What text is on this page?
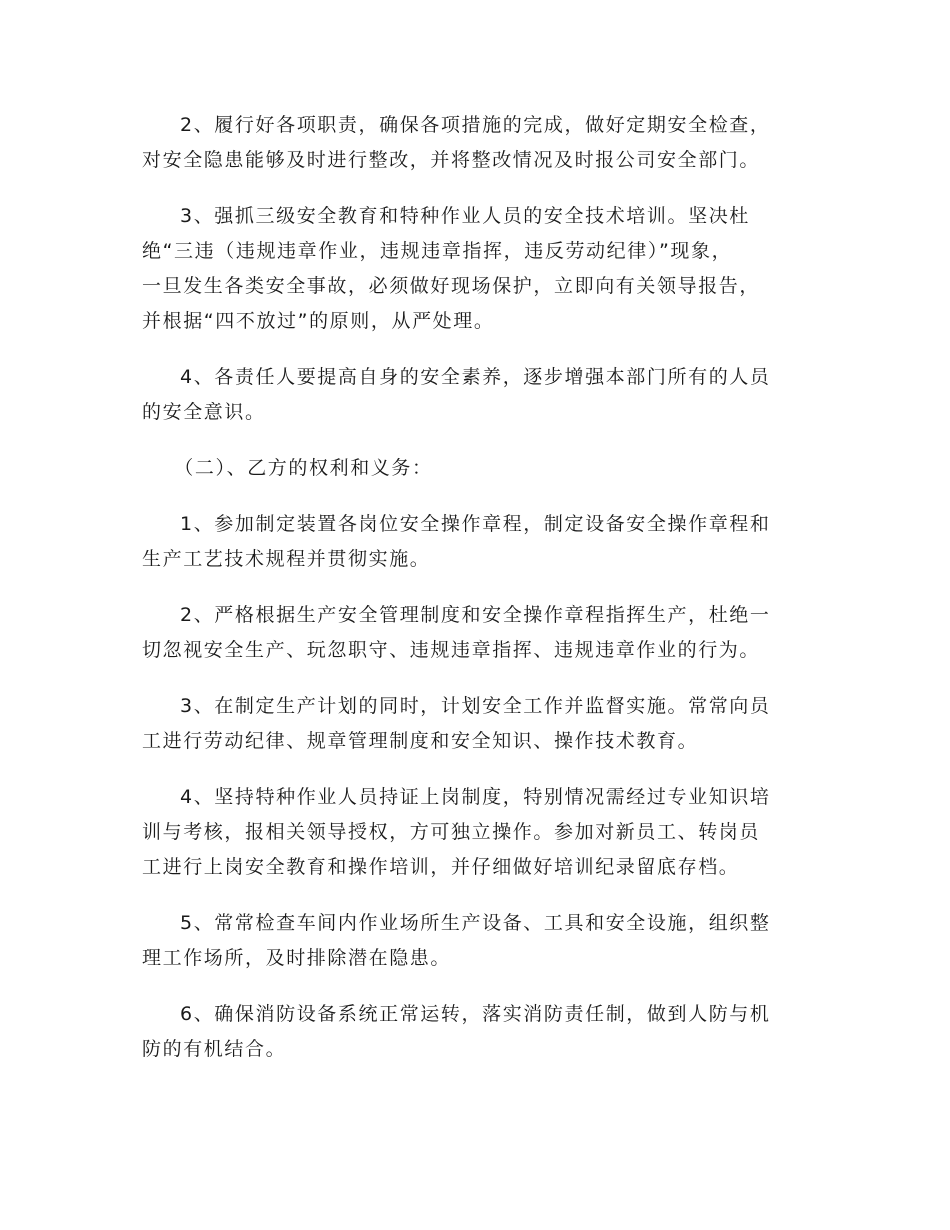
2、履行好各项职责，确保各项措施的完成，做好定期安全检查，
对安全隐患能够及时进行整改，并将整改情况及时报公司安全部门。

3、强抓三级安全教育和特种作业人员的安全技术培训。坚决杜
绝“三违（违规违章作业，违规违章指挥，违反劳动纪律）”现象，
一旦发生各类安全事故，必须做好现场保护，立即向有关领导报告，
并根据“四不放过”的原则，从严处理。

4、各责任人要提高自身的安全素养，逐步增强本部门所有的人员
的安全意识。

（二）、乙方的权利和义务：

1、参加制定装置各岗位安全操作章程，制定设备安全操作章程和
生产工艺技术规程并贯彻实施。

2、严格根据生产安全管理制度和安全操作章程指挥生产，杜绝一
切忽视安全生产、玩忽职守、违规违章指挥、违规违章作业的行为。

3、在制定生产计划的同时，计划安全工作并监督实施。常常向员
工进行劳动纪律、规章管理制度和安全知识、操作技术教育。

4、坚持特种作业人员持证上岗制度，特别情况需经过专业知识培
训与考核，报相关领导授权，方可独立操作。参加对新员工、转岗员
工进行上岗安全教育和操作培训，并仔细做好培训纪录留底存档。

5、常常检查车间内作业场所生产设备、工具和安全设施，组织整
理工作场所，及时排除潜在隐患。

6、确保消防设备系统正常运转，落实消防责任制，做到人防与机
防的有机结合。
